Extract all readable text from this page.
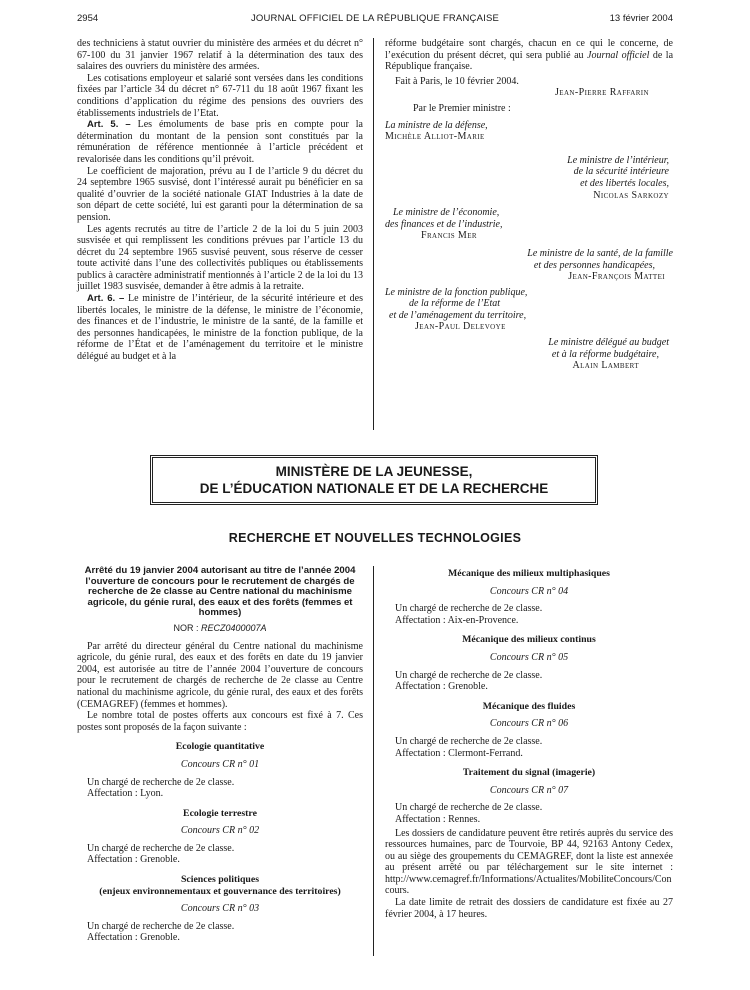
2954	JOURNAL OFFICIEL DE LA RÉPUBLIQUE FRANÇAISE	13 février 2004

des techniciens à statut ouvrier du ministère des armées et du décret n° 67-100 du 31 janvier 1967 relatif à la détermination des taux des salaires des ouvriers du ministère des armées.

Les cotisations employeur et salarié sont versées dans les conditions fixées par l’article 34 du décret n° 67-711 du 18 août 1967 fixant les conditions d’application du régime des pensions des ouvriers des établissements industriels de l’Etat.

Art. 5. – Les émoluments de base pris en compte pour la détermination du montant de la pension sont constitués par la rémunération de référence mentionnée à l’article précédent et revalorisée dans les conditions qu’il prévoit.

Le coefficient de majoration, prévu au I de l’article 9 du décret du 24 septembre 1965 susvisé, dont l’intéressé aurait pu bénéficier en sa qualité d’ouvrier de la société nationale GIAT Industries à la date de son départ de cette société, lui est garanti pour la détermination de sa pension.

Les agents recrutés au titre de l’article 2 de la loi du 5 juin 2003 susvisée et qui remplissent les conditions prévues par l’article 13 du décret du 24 septembre 1965 susvisé peuvent, sous réserve de cesser toute activité dans l’une des collectivités publiques ou établissements publics à caractère administratif mentionnés à l’article 2 de la loi du 13 juillet 1983 susvisée, demander à être admis à la retraite.

Art. 6. – Le ministre de l’intérieur, de la sécurité intérieure et des libertés locales, le ministre de la défense, le ministre de l’économie, des finances et de l’industrie, le ministre de la santé, de la famille et des personnes handicapées, le ministre de la fonction publique, de la réforme de l’État et de l’aménagement du territoire et le ministre délégué au budget et à la

réforme budgétaire sont chargés, chacun en ce qui le concerne, de l’exécution du présent décret, qui sera publié au Journal officiel de la République française.

Fait à Paris, le 10 février 2004.

Jean-Pierre Raffarin
Par le Premier ministre :
La ministre de la défense,
Michèle Alliot-Marie
Le ministre de l’intérieur,
de la sécurité intérieure
et des libertés locales,
Nicolas Sarkozy
Le ministre de l’économie,
des finances et de l’industrie,
Francis Mer
Le ministre de la santé, de la famille
et des personnes handicapées,
Jean-François Mattei
Le ministre de la fonction publique,
de la réforme de l’Etat
et de l’aménagement du territoire,
Jean-Paul Delevoye
Le ministre délégué au budget
et à la réforme budgétaire,
Alain Lambert
MINISTÈRE DE LA JEUNESSE,
DE L’ÉDUCATION NATIONALE ET DE LA RECHERCHE
RECHERCHE ET NOUVELLES TECHNOLOGIES
Arrêté du 19 janvier 2004 autorisant au titre de l’année 2004 l’ouverture de concours pour le recrutement de chargés de recherche de 2e classe au Centre national du machinisme agricole, du génie rural, des eaux et des forêts (femmes et hommes)
NOR : RECZ0400007A

Par arrêté du directeur général du Centre national du machinisme agricole, du génie rural, des eaux et des forêts en date du 19 janvier 2004, est autorisée au titre de l’année 2004 l’ouverture de concours pour le recrutement de chargés de recherche de 2e classe au Centre national du machinisme agricole, du génie rural, des eaux et des forêts (CEMAGREF) (femmes et hommes).

Le nombre total de postes offerts aux concours est fixé à 7. Ces postes sont proposés de la façon suivante :

Ecologie quantitative
Concours CR n° 01

Un chargé de recherche de 2e classe.

Affectation : Lyon.

Ecologie terrestre
Concours CR n° 02

Un chargé de recherche de 2e classe.

Affectation : Grenoble.

Sciences politiques
(enjeux environnementaux et gouvernance des territoires)
Concours CR n° 03

Un chargé de recherche de 2e classe.

Affectation : Grenoble.

Mécanique des milieux multiphasiques
Concours CR n° 04

Un chargé de recherche de 2e classe.

Affectation : Aix-en-Provence.

Mécanique des milieux continus
Concours CR n° 05

Un chargé de recherche de 2e classe.

Affectation : Grenoble.

Mécanique des fluides
Concours CR n° 06

Un chargé de recherche de 2e classe.

Affectation : Clermont-Ferrand.

Traitement du signal (imagerie)
Concours CR n° 07

Un chargé de recherche de 2e classe.

Affectation : Rennes.

Les dossiers de candidature peuvent être retirés auprès du service des ressources humaines, parc de Tourvoie, BP 44, 92163 Antony Cedex, ou au siège des groupements du CEMAGREF, dont la liste est annexée au présent arrêté ou par téléchargement sur le site internet : http://www.cemagref.fr/Informations/Actualites/MobiliteConcours/Concours.

La date limite de retrait des dossiers de candidature est fixée au 27 février 2004, à 17 heures.
